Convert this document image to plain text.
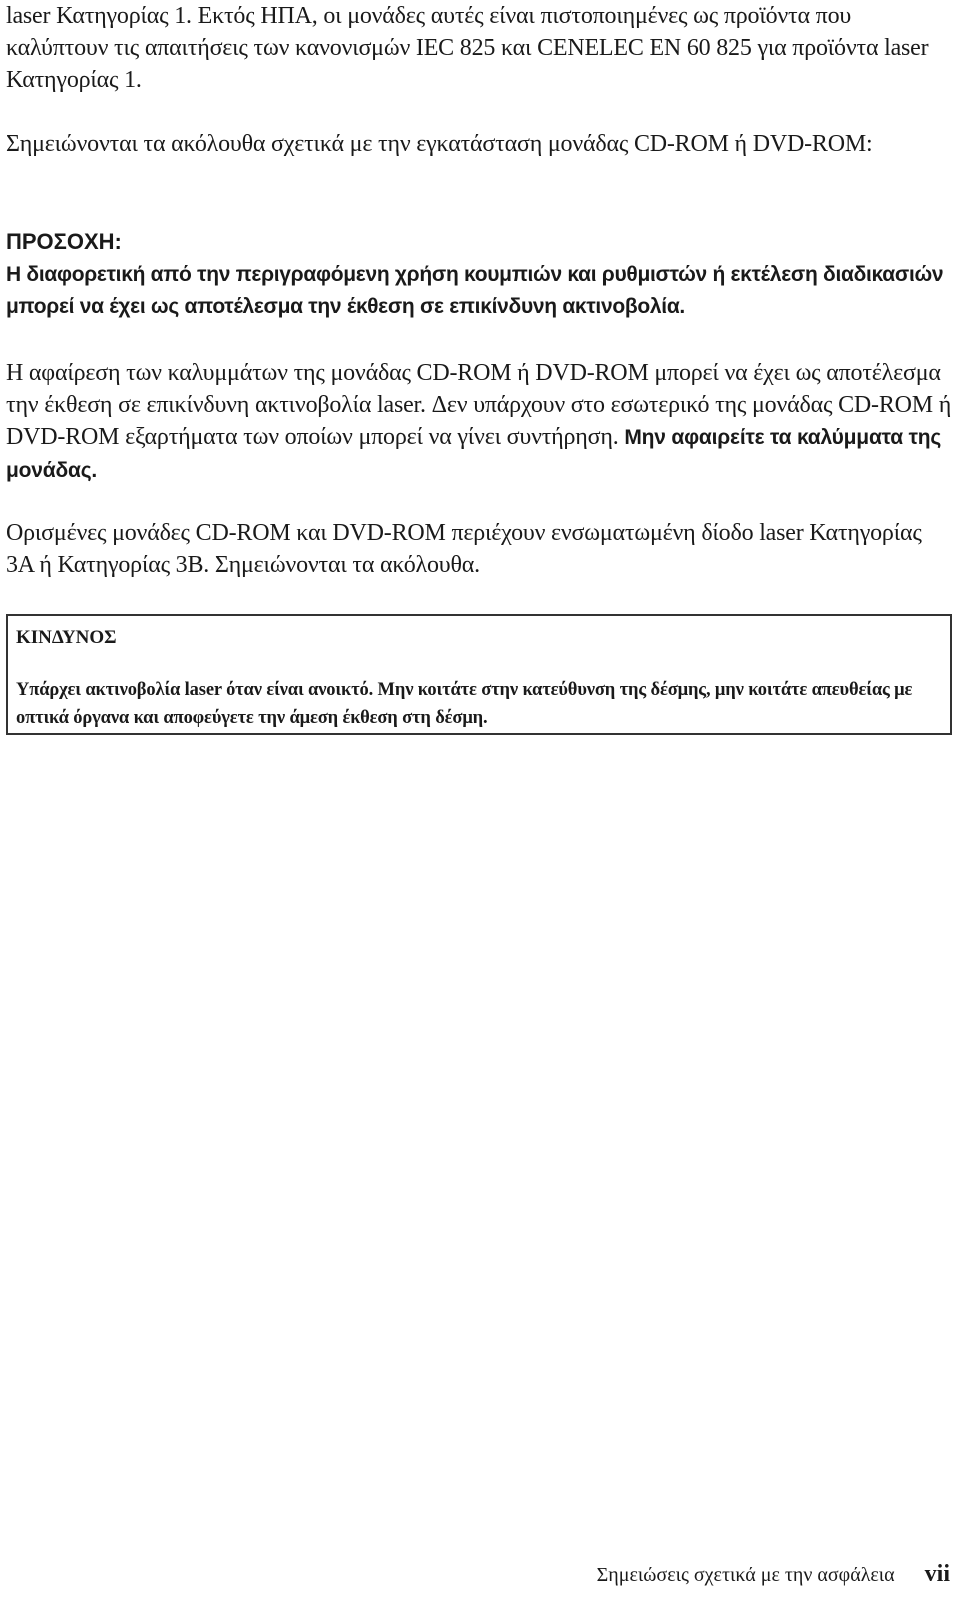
laser Κατηγορίας 1. Εκτός ΗΠΑ, οι μονάδες αυτές είναι πιστοποιημένες ως προϊόντα που καλύπτουν τις απαιτήσεις των κανονισμών IEC 825 και CENELEC EN 60 825 για προϊόντα laser Κατηγορίας 1.

Σημειώνονται τα ακόλουθα σχετικά με την εγκατάσταση μονάδας CD-ROM ή DVD-ROM:

ΠΡΟΣΟΧΗ:

Η διαφορετική από την περιγραφόμενη χρήση κουμπιών και ρυθμιστών ή εκτέλεση διαδικασιών μπορεί να έχει ως αποτέλεσμα την έκθεση σε επικίνδυνη ακτινοβολία.

Η αφαίρεση των καλυμμάτων της μονάδας CD-ROM ή DVD-ROM μπορεί να έχει ως αποτέλεσμα την έκθεση σε επικίνδυνη ακτινοβολία laser. Δεν υπάρχουν στο εσωτερικό της μονάδας CD-ROM ή DVD-ROM εξαρτήματα των οποίων μπορεί να γίνει συντήρηση. Μην αφαιρείτε τα καλύμματα της μονάδας.

Ορισμένες μονάδες CD-ROM και DVD-ROM περιέχουν ενσωματωμένη δίοδο laser Κατηγορίας 3A ή Κατηγορίας 3B. Σημειώνονται τα ακόλουθα.

ΚΙΝΔΥΝΟΣ

Υπάρχει ακτινοβολία laser όταν είναι ανοικτό. Μην κοιτάτε στην κατεύθυνση της δέσμης, μην κοιτάτε απευθείας με οπτικά όργανα και αποφεύγετε την άμεση έκθεση στη δέσμη.

Σημειώσεις σχετικά με την ασφάλεια vii
